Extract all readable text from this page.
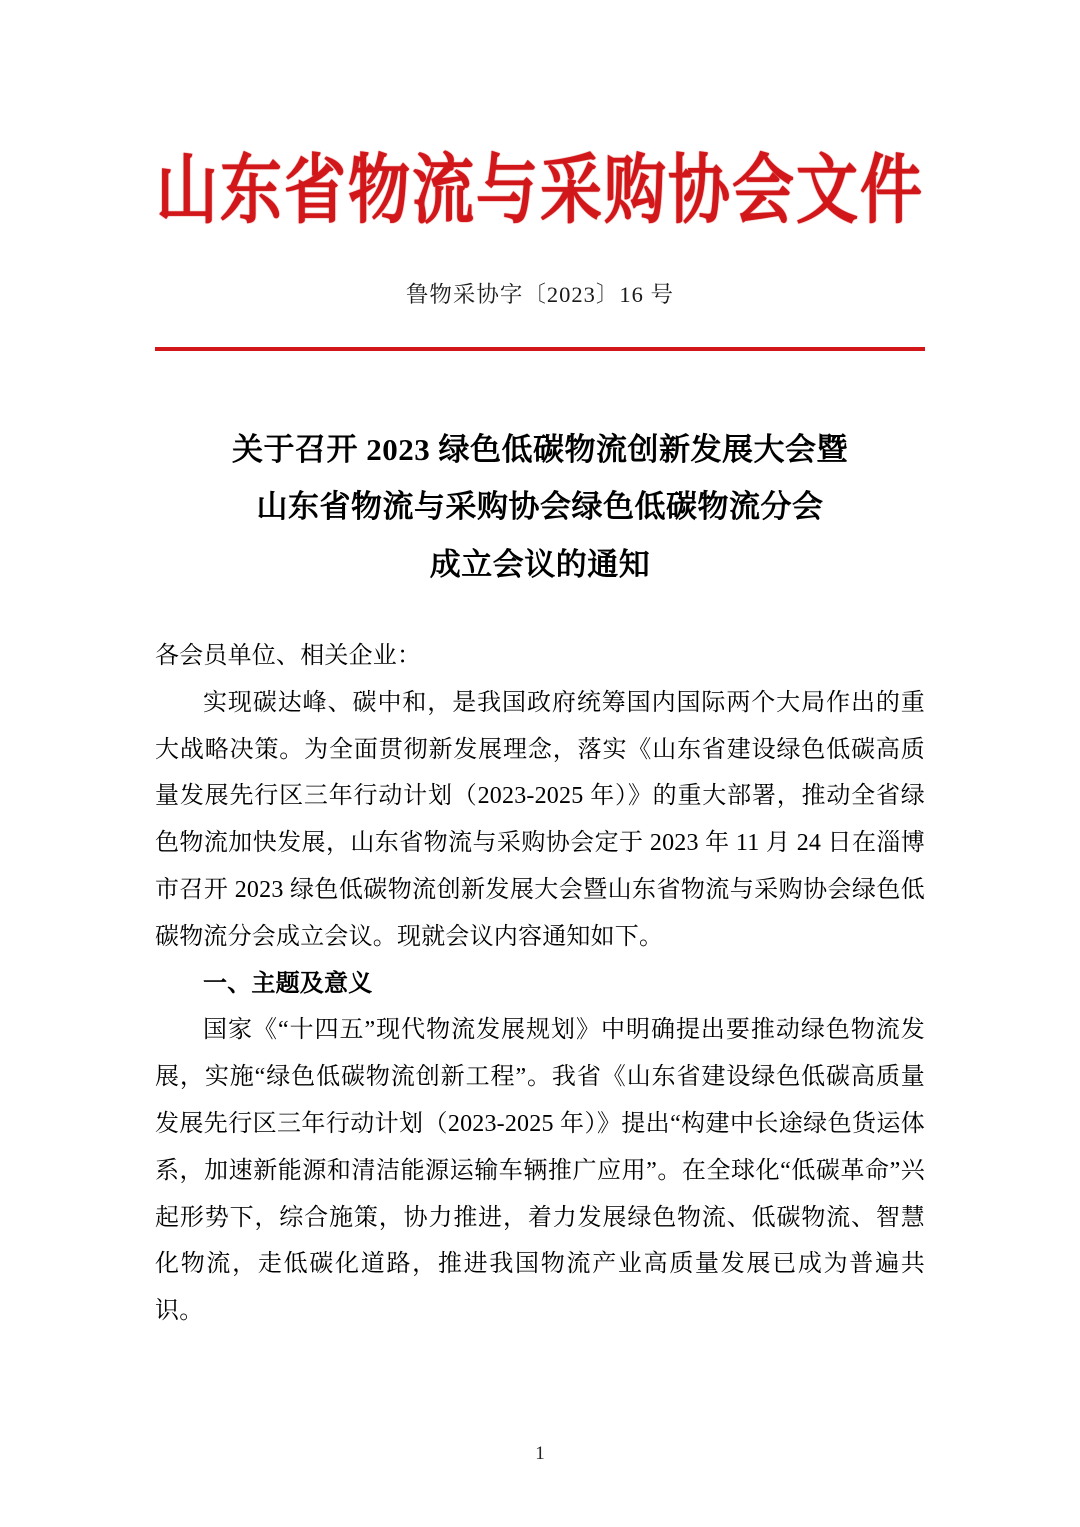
山东省物流与采购协会文件
鲁物采协字〔2023〕16 号
关于召开 2023 绿色低碳物流创新发展大会暨
山东省物流与采购协会绿色低碳物流分会
成立会议的通知

各会员单位、相关企业：

实现碳达峰、碳中和，是我国政府统筹国内国际两个大局作出的重大战略决策。为全面贯彻新发展理念，落实《山东省建设绿色低碳高质量发展先行区三年行动计划（2023-2025 年）》的重大部署，推动全省绿色物流加快发展，山东省物流与采购协会定于 2023 年 11 月 24 日在淄博市召开 2023 绿色低碳物流创新发展大会暨山东省物流与采购协会绿色低碳物流分会成立会议。现就会议内容通知如下。

一、主题及意义

国家《“十四五”现代物流发展规划》中明确提出要推动绿色物流发展，实施“绿色低碳物流创新工程”。我省《山东省建设绿色低碳高质量发展先行区三年行动计划（2023-2025 年）》提出“构建中长途绿色货运体系，加速新能源和清洁能源运输车辆推广应用”。在全球化“低碳革命”兴起形势下，综合施策，协力推进，着力发展绿色物流、低碳物流、智慧化物流，走低碳化道路，推进我国物流产业高质量发展已成为普遍共识。

1
